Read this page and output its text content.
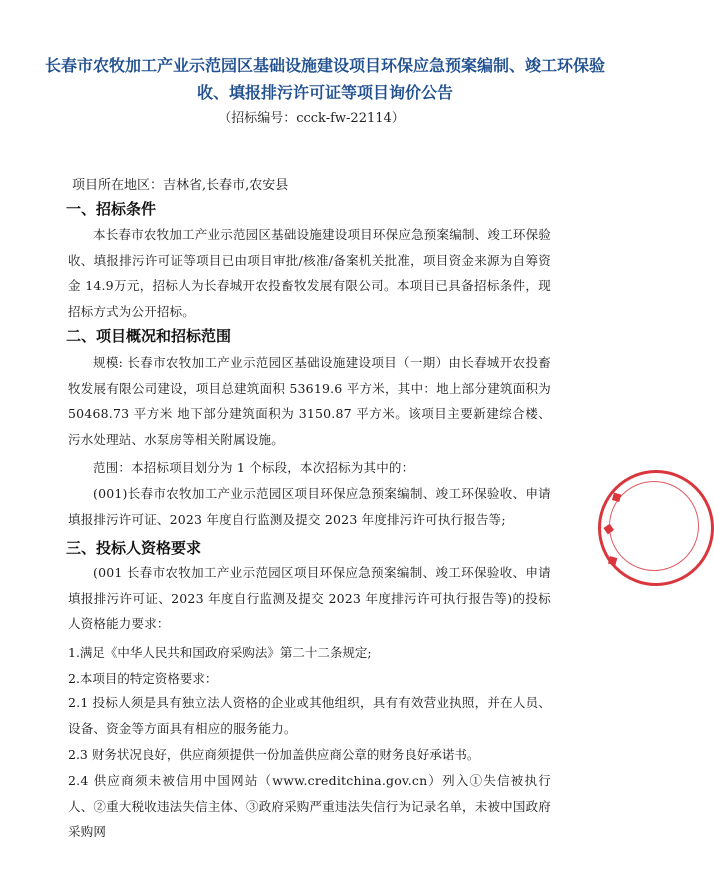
长春市农牧加工产业示范园区基础设施建设项目环保应急预案编制、竣工环保验
收、填报排污许可证等项目询价公告
（招标编号：ccck-fw-22114）
项目所在地区：吉林省,长春市,农安县
一、招标条件
本长春市农牧加工产业示范园区基础设施建设项目环保应急预案编制、竣工环保验收、填报排污许可证等项目已由项目审批/核准/备案机关批准，项目资金来源为自筹资金 14.9万元，招标人为长春城开农投畜牧发展有限公司。本项目已具备招标条件，现招标方式为公开招标。
二、项目概况和招标范围
规模: 长春市农牧加工产业示范园区基础设施建设项目（一期）由长春城开农投畜牧发展有限公司建设，项目总建筑面积 53619.6 平方米，其中：地上部分建筑面积为 50468.73 平方米 地下部分建筑面积为 3150.87 平方米。该项目主要新建综合楼、污水处理站、水泵房等相关附属设施。
范围：本招标项目划分为 1 个标段，本次招标为其中的：
(001)长春市农牧加工产业示范园区项目环保应急预案编制、竣工环保验收、申请填报排污许可证、2023 年度自行监测及提交 2023 年度排污许可执行报告等;
三、投标人资格要求
(001 长春市农牧加工产业示范园区项目环保应急预案编制、竣工环保验收、申请填报排污许可证、2023 年度自行监测及提交 2023 年度排污许可执行报告等)的投标人资格能力要求：
1.满足《中华人民共和国政府采购法》第二十二条规定;
2.本项目的特定资格要求：
2.1 投标人须是具有独立法人资格的企业或其他组织，具有有效营业执照，并在人员、设备、资金等方面具有相应的服务能力。
2.3 财务状况良好，供应商须提供一份加盖供应商公章的财务良好承诺书。
2.4 供应商须未被信用中国网站（www.creditchina.gov.cn）列入①失信被执行人、②重大税收违法失信主体、③政府采购严重违法失信行为记录名单，未被中国政府采购网
◆
◆
◆
